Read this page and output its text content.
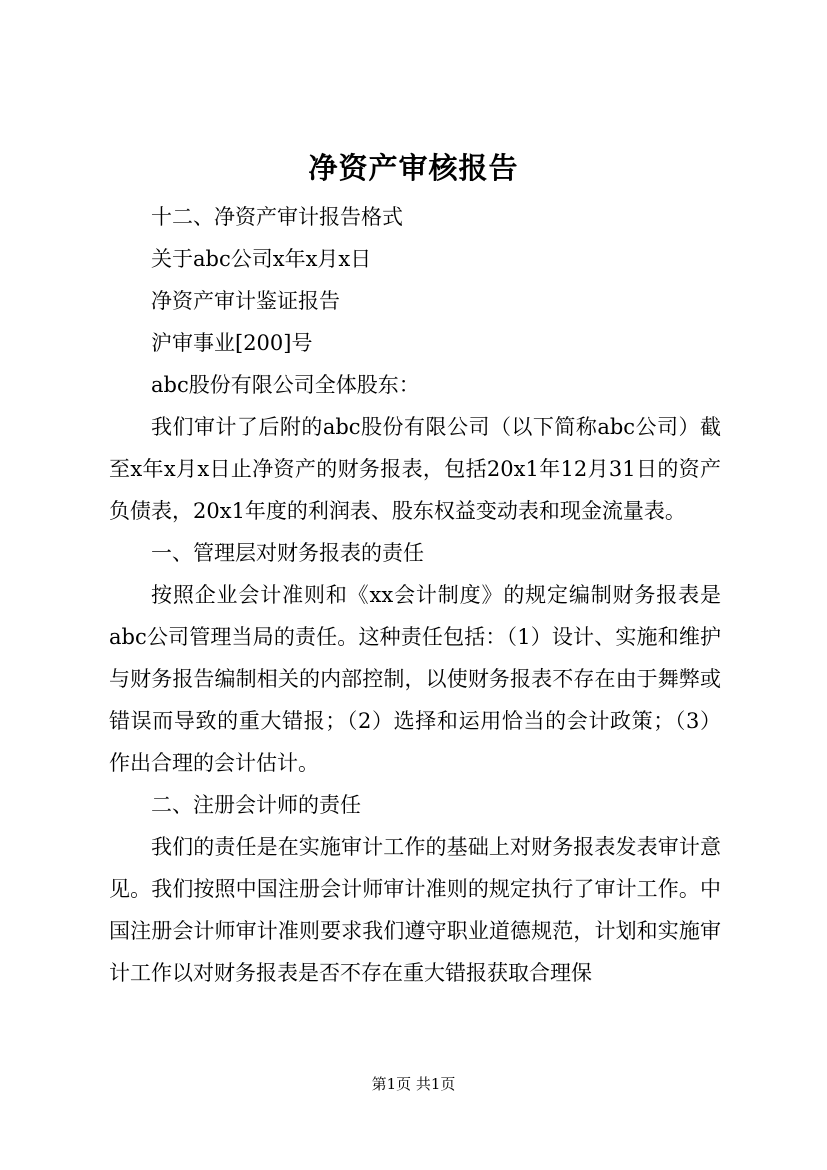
净资产审核报告

十二、净资产审计报告格式

关于abc公司x年x月x日

净资产审计鉴证报告

沪审事业[200]号

abc股份有限公司全体股东：

我们审计了后附的abc股份有限公司（以下简称abc公司）截至x年x月x日止净资产的财务报表，包括20x1年12月31日的资产负债表，20x1年度的利润表、股东权益变动表和现金流量表。

一、管理层对财务报表的责任

按照企业会计准则和《xx会计制度》的规定编制财务报表是abc公司管理当局的责任。这种责任包括：（1）设计、实施和维护与财务报告编制相关的内部控制，以使财务报表不存在由于舞弊或错误而导致的重大错报；（2）选择和运用恰当的会计政策；（3）作出合理的会计估计。

二、注册会计师的责任

我们的责任是在实施审计工作的基础上对财务报表发表审计意见。我们按照中国注册会计师审计准则的规定执行了审计工作。中国注册会计师审计准则要求我们遵守职业道德规范，计划和实施审计工作以对财务报表是否不存在重大错报获取合理保

第1页 共1页
